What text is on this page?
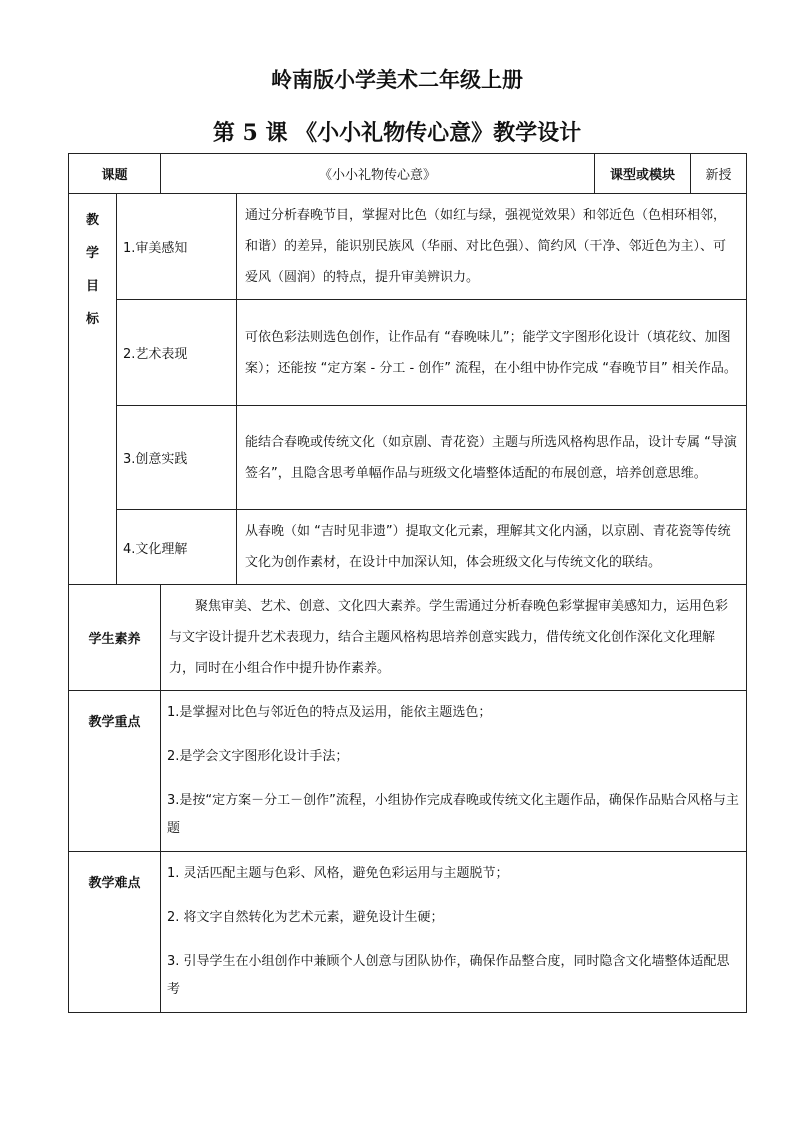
岭南版小学美术二年级上册
第 5 课 《小小礼物传心意》教学设计
课题		《小小礼物传心意》		课型或模块	新授

教
学
目
标	1.审美感知		通过分析春晚节目，掌握对比色（如红与绿，强视觉效果）和邻近色（色相环相邻，和谐）的差异，能识别民族风（华丽、对比色强）、简约风（干净、邻近色为主）、可爱风（圆润）的特点，提升审美辨识力。		
	2.艺术表现		可依色彩法则选色创作，让作品有 “春晚味儿”；能学文字图形化设计（填花纹、加图案）；还能按 “定方案 - 分工 - 创作” 流程，在小组中协作完成 “春晚节目” 相关作品。		
	3.创意实践		能结合春晚或传统文化（如京剧、青花瓷）主题与所选风格构思作品，设计专属 “导演签名”，且隐含思考单幅作品与班级文化墙整体适配的布展创意，培养创意思维。		
	4.文化理解		从春晚（如 “吉时见非遗”）提取文化元素，理解其文化内涵，以京剧、青花瓷等传统文化为创作素材，在设计中加深认知，体会班级文化与传统文化的联结。		
学生素养		聚焦审美、艺术、创意、文化四大素养。学生需通过分析春晚色彩掌握审美感知力，运用色彩与文字设计提升艺术表现力，结合主题风格构思培养创意实践力，借传统文化创作深化文化理解力，同时在小组合作中提升协作素养。			
教学重点		1.是掌握对比色与邻近色的特点及运用，能依主题选色；

2.是学会文字图形化设计手法；

3.是按“定方案－分工－创作”流程，小组协作完成春晚或传统文化主题作品，确保作品贴合风格与主题			

教学难点		1. 灵活匹配主题与色彩、风格，避免色彩运用与主题脱节；

2. 将文字自然转化为艺术元素，避免设计生硬；

3. 引导学生在小组创作中兼顾个人创意与团队协作，确保作品整合度，同时隐含文化墙整体适配思考			
